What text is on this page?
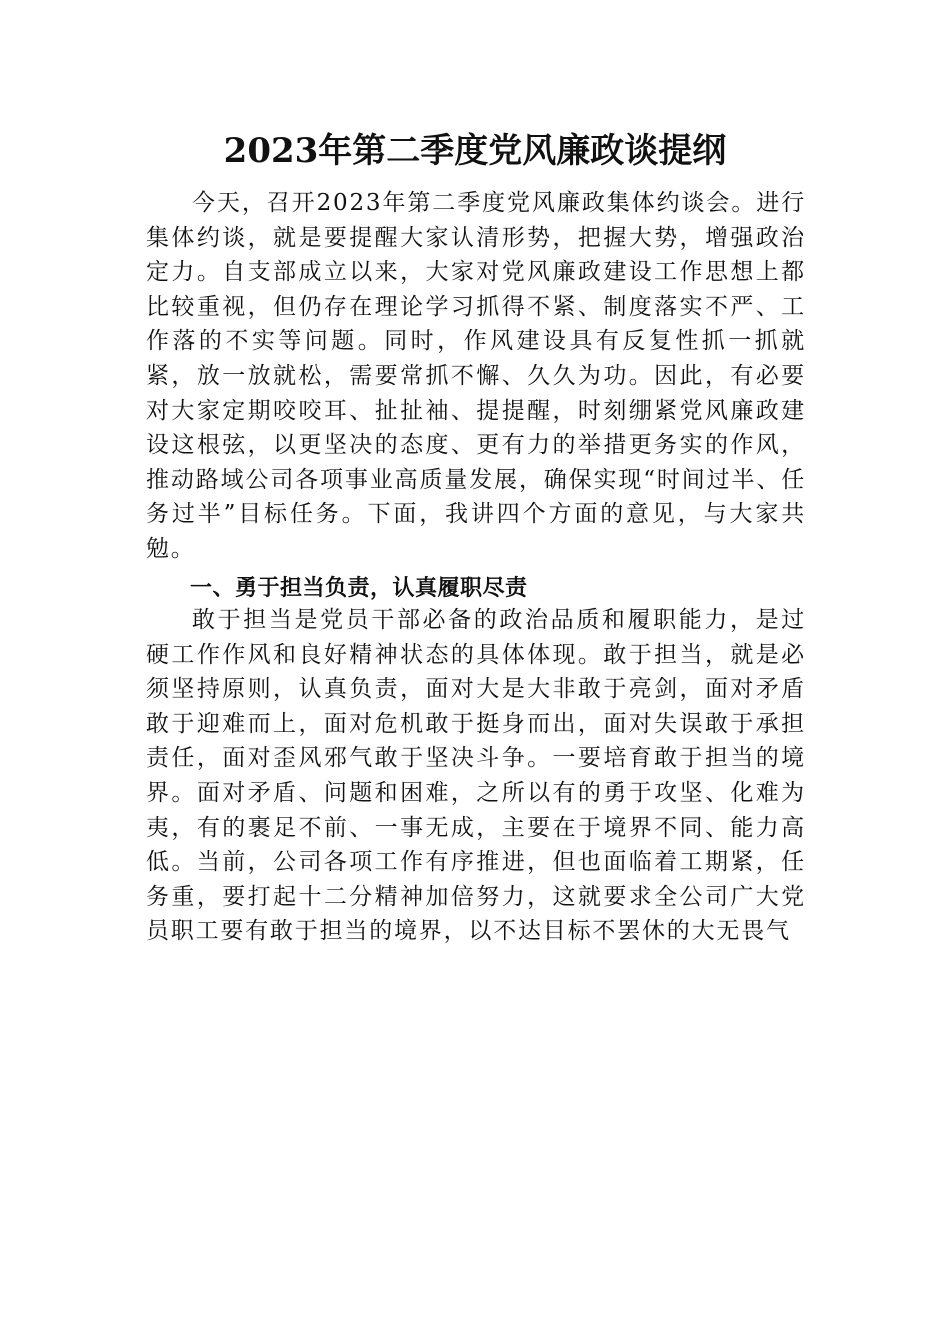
2023年第二季度党风廉政谈提纲

今天，召开2023年第二季度党风廉政集体约谈会。进行集体约谈，就是要提醒大家认清形势，把握大势，增强政治定力。自支部成立以来，大家对党风廉政建设工作思想上都比较重视，但仍存在理论学习抓得不紧、制度落实不严、工作落的不实等问题。同时，作风建设具有反复性抓一抓就紧，放一放就松，需要常抓不懈、久久为功。因此，有必要对大家定期咬咬耳、扯扯袖、提提醒，时刻绷紧党风廉政建设这根弦，以更坚决的态度、更有力的举措更务实的作风，推动路域公司各项事业高质量发展，确保实现“时间过半、任务过半”目标任务。下面，我讲四个方面的意见，与大家共勉。

一、勇于担当负责，认真履职尽责

敢于担当是党员干部必备的政治品质和履职能力，是过硬工作作风和良好精神状态的具体体现。敢于担当，就是必须坚持原则，认真负责，面对大是大非敢于亮剑，面对矛盾敢于迎难而上，面对危机敢于挺身而出，面对失误敢于承担责任，面对歪风邪气敢于坚决斗争。一要培育敢于担当的境界。面对矛盾、问题和困难，之所以有的勇于攻坚、化难为夷，有的裹足不前、一事无成，主要在于境界不同、能力高低。当前，公司各项工作有序推进，但也面临着工期紧，任务重，要打起十二分精神加倍努力，这就要求全公司广大党员职工要有敢于担当的境界，以不达目标不罢休的大无畏气
